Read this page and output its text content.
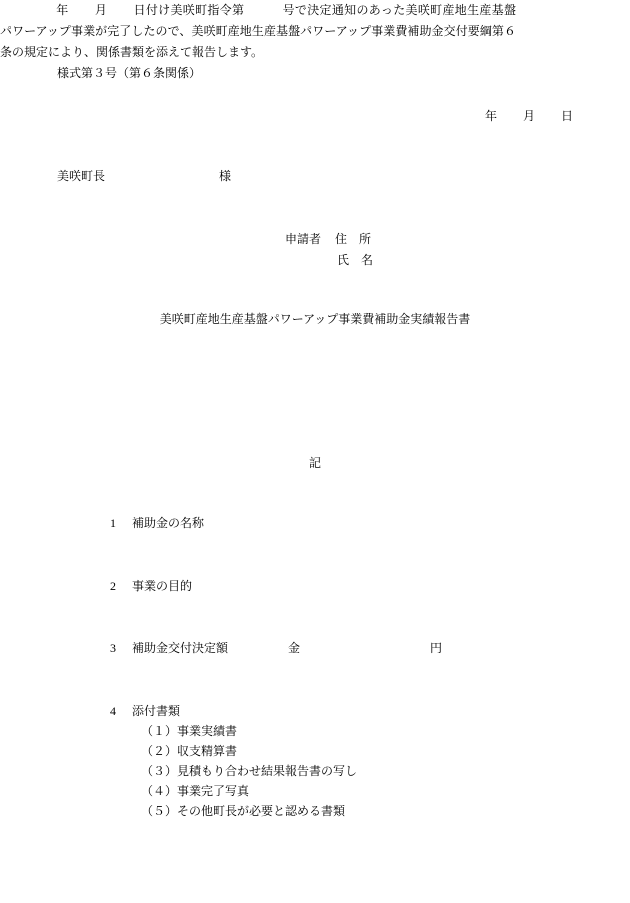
様式第３号（第６条関係）
年 月 日
美咲町長	様
申請者 住　所
氏　名
美咲町産地生産基盤パワーアップ事業費補助金実績報告書
年 月 日付け美咲町指令第	号で決定通知のあった美咲町産地生産基盤パワーアップ事業が完了したので、美咲町産地生産基盤パワーアップ事業費補助金交付要綱第６条の規定により、関係書類を添えて報告します。
記
1 補助金の名称
2 事業の目的
3 補助金交付決定額	金	円
4 添付書類
（１）事業実績書
（２）収支精算書
（３）見積もり合わせ結果報告書の写し
（４）事業完了写真
（５）その他町長が必要と認める書類
